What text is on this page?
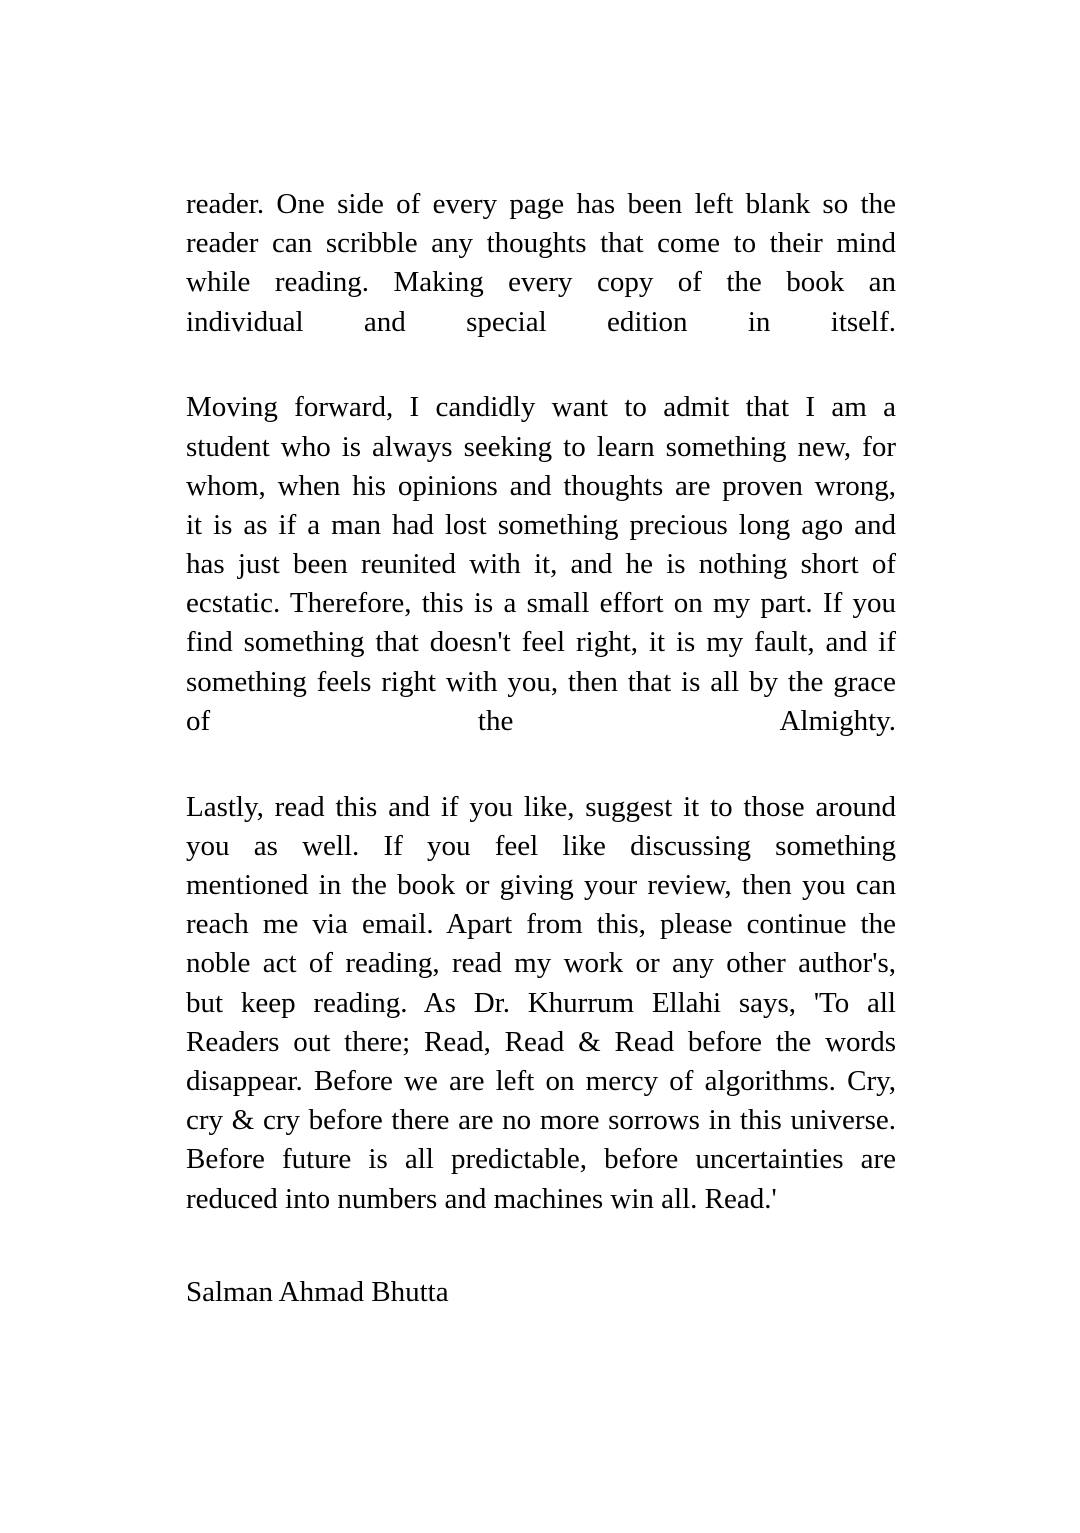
reader. One side of every page has been left blank so the
reader can scribble any thoughts that come to their mind
while reading. Making every copy of the book an
individual and special edition in itself.
Moving forward, I candidly want to admit that I am a
student who is always seeking to learn something new, for
whom, when his opinions and thoughts are proven wrong,
it is as if a man had lost something precious long ago and
has just been reunited with it, and he is nothing short of
ecstatic. Therefore, this is a small effort on my part. If you
find something that doesn't feel right, it is my fault, and if
something feels right with you, then that is all by the grace
of the Almighty.
Lastly, read this and if you like, suggest it to those around
you as well. If you feel like discussing something
mentioned in the book or giving your review, then you can
reach me via email. Apart from this, please continue the
noble act of reading, read my work or any other author's,
but keep reading. As Dr. Khurrum Ellahi says, 'To all
Readers out there; Read, Read & Read before the words
disappear. Before we are left on mercy of algorithms. Cry,
cry & cry before there are no more sorrows in this universe.
Before future is all predictable, before uncertainties are
reduced into numbers and machines win all. Read.'
Salman Ahmad Bhutta
